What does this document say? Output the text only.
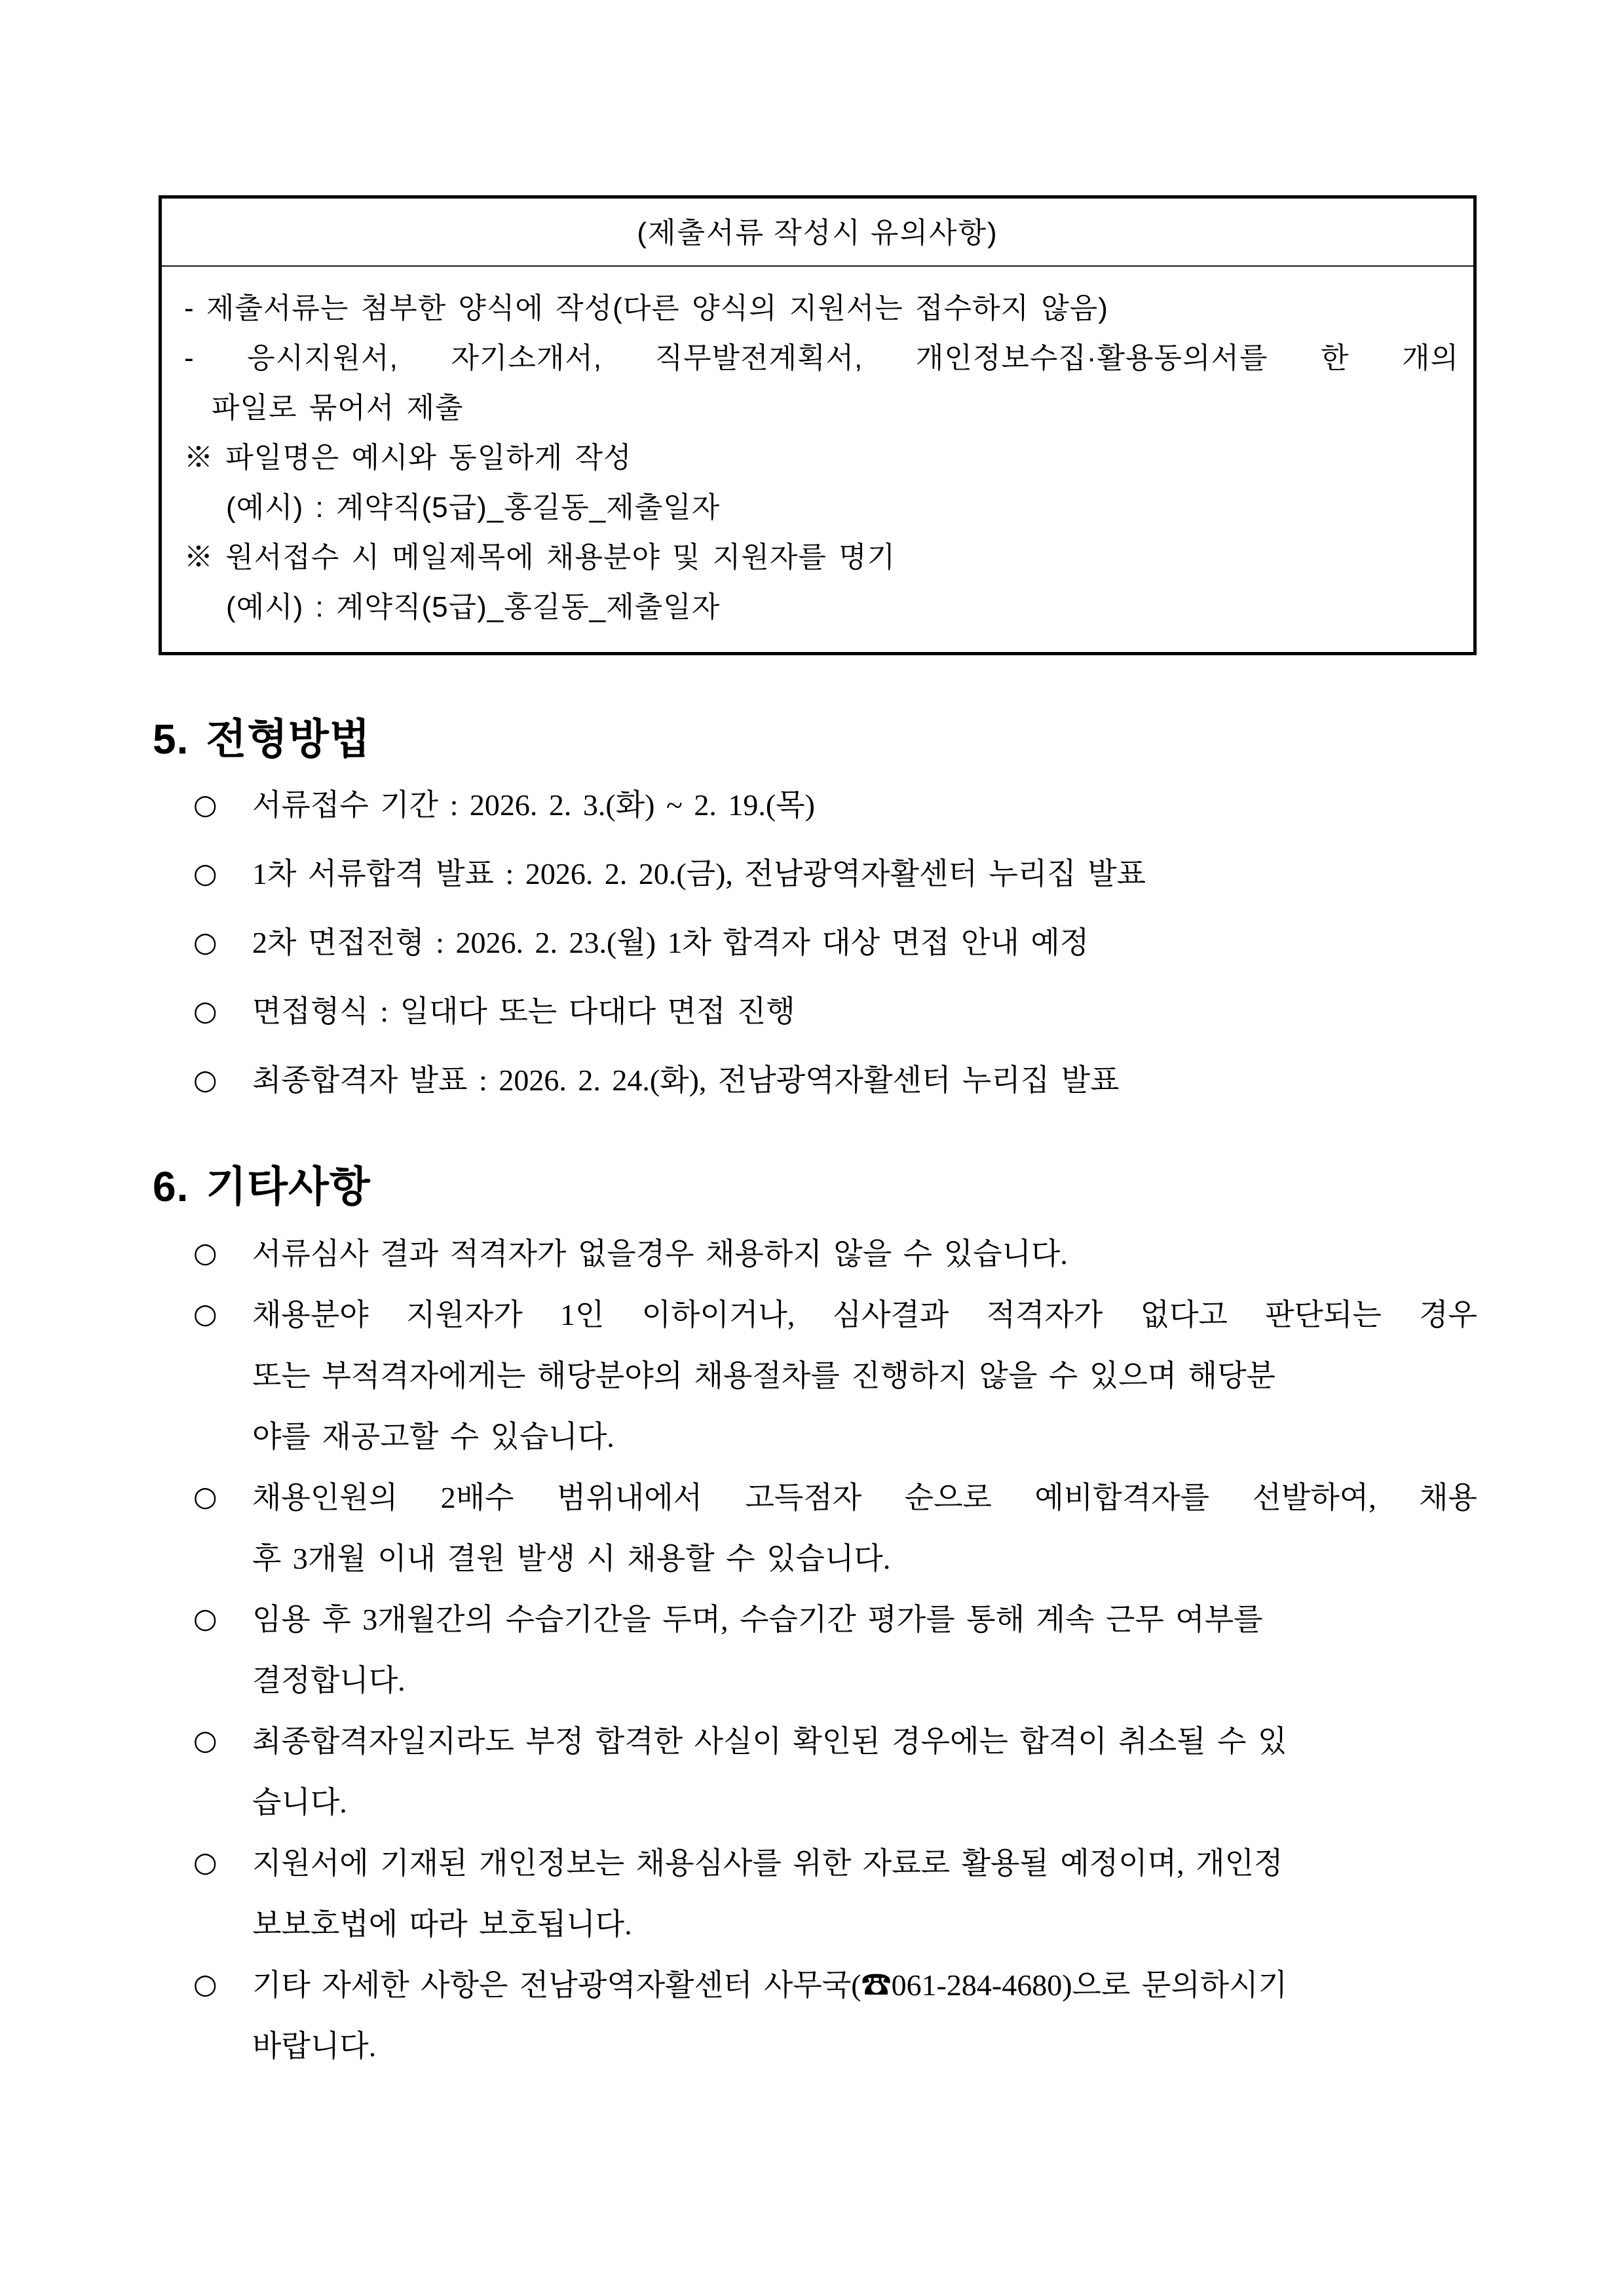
(제출서류 작성시 유의사항)
- 제출서류는 첨부한 양식에 작성(다른 양식의 지원서는 접수하지 않음)
- 응시지원서, 자기소개서, 직무발전계획서, 개인정보수집·활용동의서를 한 개의
파일로 묶어서 제출
※ 파일명은 예시와 동일하게 작성
(예시) : 계약직(5급)_홍길동_제출일자
※ 원서접수 시 메일제목에 채용분야 및 지원자를 명기
(예시) : 계약직(5급)_홍길동_제출일자
5. 전형방법
○ 서류접수 기간 : 2026. 2. 3.(화) ~ 2. 19.(목)
○ 1차 서류합격 발표 : 2026. 2. 20.(금), 전남광역자활센터 누리집 발표
○ 2차 면접전형 : 2026. 2. 23.(월) 1차 합격자 대상 면접 안내 예정
○ 면접형식 : 일대다 또는 다대다 면접 진행
○ 최종합격자 발표 : 2026. 2. 24.(화), 전남광역자활센터 누리집 발표
6. 기타사항
○ 서류심사 결과 적격자가 없을경우 채용하지 않을 수 있습니다.
○ 채용분야 지원자가 1인 이하이거나, 심사결과 적격자가 없다고 판단되는 경우
또는 부적격자에게는 해당분야의 채용절차를 진행하지 않을 수 있으며 해당분
야를 재공고할 수 있습니다.
○ 채용인원의 2배수 범위내에서 고득점자 순으로 예비합격자를 선발하여, 채용
후 3개월 이내 결원 발생 시 채용할 수 있습니다.
○ 임용 후 3개월간의 수습기간을 두며, 수습기간 평가를 통해 계속 근무 여부를
결정합니다.
○ 최종합격자일지라도 부정 합격한 사실이 확인된 경우에는 합격이 취소될 수 있
습니다.
○ 지원서에 기재된 개인정보는 채용심사를 위한 자료로 활용될 예정이며, 개인정
보보호법에 따라 보호됩니다.
○ 기타 자세한 사항은 전남광역자활센터 사무국(☎061-284-4680)으로 문의하시기
바랍니다.
